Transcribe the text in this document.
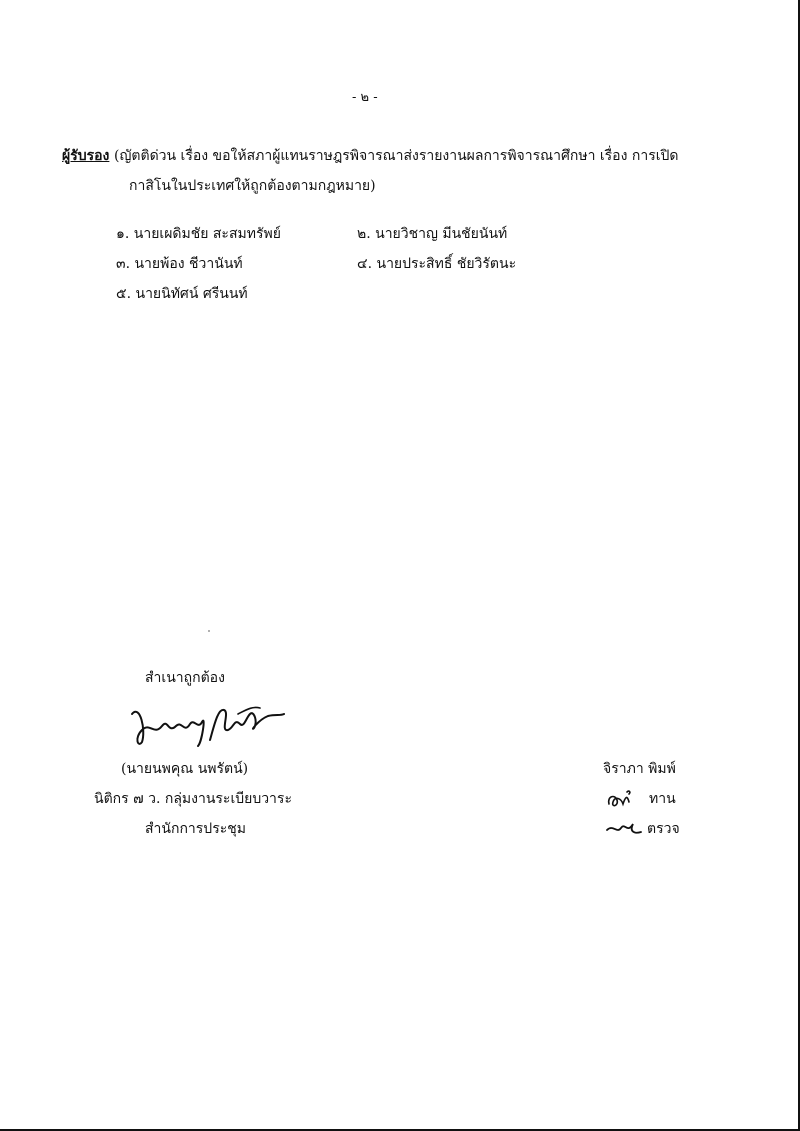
- ๒ -
ผู้รับรอง (ญัตติด่วน เรื่อง ขอให้สภาผู้แทนราษฎรพิจารณาส่งรายงานผลการพิจารณาศึกษา เรื่อง การเปิด
กาสิโนในประเทศให้ถูกต้องตามกฎหมาย)
๑. นายเผดิมชัย สะสมทรัพย์	๒. นายวิชาญ มีนชัยนันท์
๓. นายพ้อง ชีวานันท์	๔. นายประสิทธิ์ ชัยวิรัตนะ
๕. นายนิทัศน์ ศรีนนท์
สำเนาถูกต้อง
(นายนพคุณ นพรัตน์)
นิติกร ๗ ว. กลุ่มงานระเบียบวาระ
สำนักการประชุม
จิราภา พิมพ์
ทาน
ตรวจ
